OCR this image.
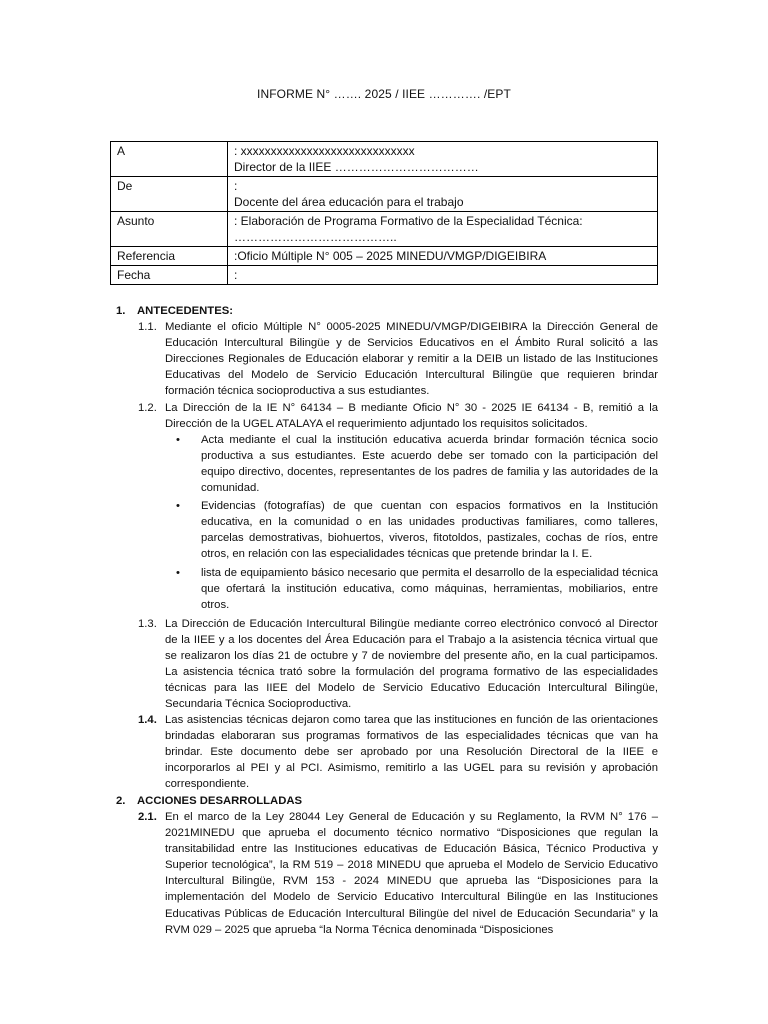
INFORME N° ……. 2025 / IIEE …………. /EPT
A	: xxxxxxxxxxxxxxxxxxxxxxxxxxxxx
Director de la IIEE ………………………………

De	:
Docente del área educación para el trabajo

Asunto	: Elaboración de Programa Formativo de la Especialidad Técnica:
…………………………………..

Referencia	:Oficio Múltiple N° 005 – 2025 MINEDU/VMGP/DIGEIBIRA

Fecha	:
1. ANTECEDENTES:
1.1. Mediante el oficio Múltiple N° 0005-2025 MINEDU/VMGP/DIGEIBIRA la Dirección General de Educación Intercultural Bilingüe y de Servicios Educativos en el Ámbito Rural solicitó a las Direcciones Regionales de Educación elaborar y remitir a la DEIB un listado de las Instituciones Educativas del Modelo de Servicio Educación Intercultural Bilingüe que requieren brindar formación técnica socioproductiva a sus estudiantes.
1.2. La Dirección de la IE N° 64134 – B mediante Oficio N° 30 - 2025 IE 64134 - B, remitió a la Dirección de la UGEL ATALAYA el requerimiento adjuntado los requisitos solicitados.
•	Acta mediante el cual la institución educativa acuerda brindar formación técnica socio productiva a sus estudiantes. Este acuerdo debe ser tomado con la participación del equipo directivo, docentes, representantes de los padres de familia y las autoridades de la comunidad.
•	Evidencias (fotografías) de que cuentan con espacios formativos en la Institución educativa, en la comunidad o en las unidades productivas familiares, como talleres, parcelas demostrativas, biohuertos, viveros, fitotoldos, pastizales, cochas de ríos, entre otros, en relación con las especialidades técnicas que pretende brindar la I. E.
•	lista de equipamiento básico necesario que permita el desarrollo de la especialidad técnica que ofertará la institución educativa, como máquinas, herramientas, mobiliarios, entre otros.
1.3. La Dirección de Educación Intercultural Bilingüe mediante correo electrónico convocó al Director de la IIEE y a los docentes del Área Educación para el Trabajo a la asistencia técnica virtual que se realizaron los días 21 de octubre y 7 de noviembre del presente año, en la cual participamos. La asistencia técnica trató sobre la formulación del programa formativo de las especialidades técnicas para las IIEE del Modelo de Servicio Educativo Educación Intercultural Bilingüe, Secundaria Técnica Socioproductiva.
1.4. Las asistencias técnicas dejaron como tarea que las instituciones en función de las orientaciones brindadas elaboraran sus programas formativos de las especialidades técnicas que van ha brindar. Este documento debe ser aprobado por una Resolución Directoral de la IIEE e incorporarlos al PEI y al PCI. Asimismo, remitirlo a las UGEL para su revisión y aprobación correspondiente.
2. ACCIONES DESARROLLADAS
2.1. En el marco de la Ley 28044 Ley General de Educación y su Reglamento, la RVM N° 176 – 2021MINEDU que aprueba el documento técnico normativo “Disposiciones que regulan la transitabilidad entre las Instituciones educativas de Educación Básica, Técnico Productiva y Superior tecnológica”, la RM 519 – 2018 MINEDU que aprueba el Modelo de Servicio Educativo Intercultural Bilingüe, RVM 153 - 2024 MINEDU que aprueba las “Disposiciones para la implementación del Modelo de Servicio Educativo Intercultural Bilingüe en las Instituciones Educativas Públicas de Educación Intercultural Bilingüe del nivel de Educación Secundaria” y la RVM 029 – 2025 que aprueba “la Norma Técnica denominada “Disposiciones
